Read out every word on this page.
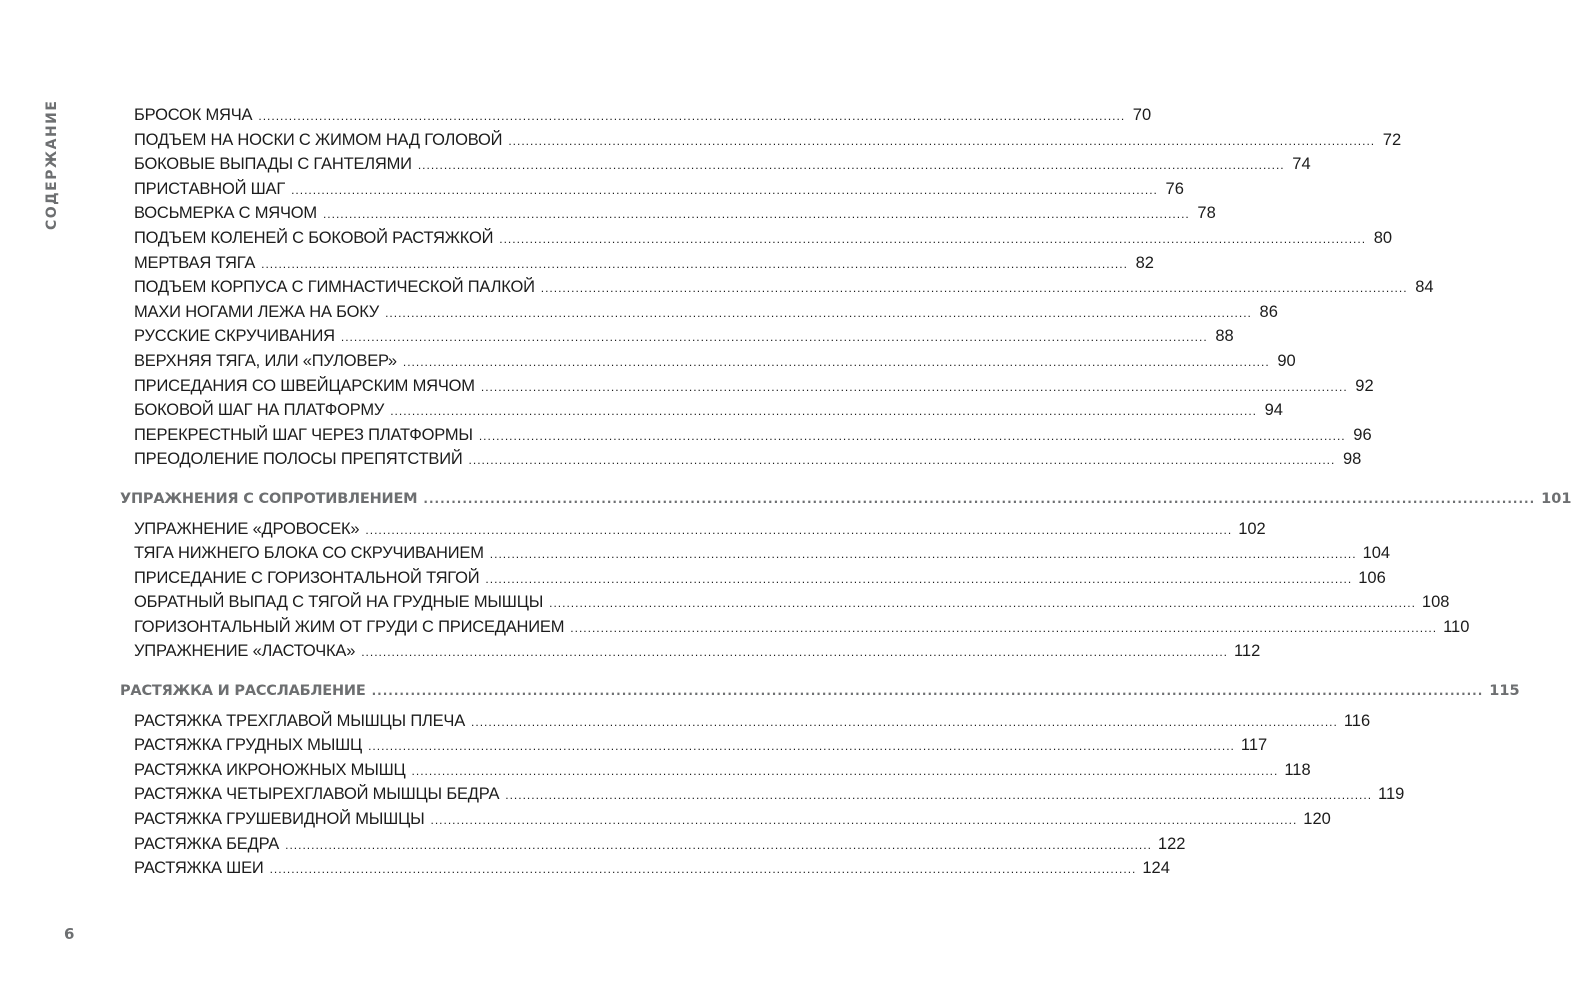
СОДЕРЖАНИЕ	БРОСОК МЯЧА ........................................................................................................................................................................................................ 70
ПОДЪЕМ НА НОСКИ С ЖИМОМ НАД ГОЛОВОЙ ........................................................................................................................................................................................................ 72
БОКОВЫЕ ВЫПАДЫ С ГАНТЕЛЯМИ ........................................................................................................................................................................................................ 74
ПРИСТАВНОЙ ШАГ ........................................................................................................................................................................................................ 76
ВОСЬМЕРКА С МЯЧОМ ........................................................................................................................................................................................................ 78
ПОДЪЕМ КОЛЕНЕЙ С БОКОВОЙ РАСТЯЖКОЙ ........................................................................................................................................................................................................ 80
МЕРТВАЯ ТЯГА ........................................................................................................................................................................................................ 82
ПОДЪЕМ КОРПУСА С ГИМНАСТИЧЕСКОЙ ПАЛКОЙ ........................................................................................................................................................................................................ 84
МАХИ НОГАМИ ЛЕЖА НА БОКУ ........................................................................................................................................................................................................ 86
РУССКИЕ СКРУЧИВАНИЯ ........................................................................................................................................................................................................ 88
ВЕРХНЯЯ ТЯГА, ИЛИ «ПУЛОВЕР» ........................................................................................................................................................................................................ 90
ПРИСЕДАНИЯ СО ШВЕЙЦАРСКИМ МЯЧОМ ........................................................................................................................................................................................................ 92
БОКОВОЙ ШАГ НА ПЛАТФОРМУ ........................................................................................................................................................................................................ 94
ПЕРЕКРЕСТНЫЙ ШАГ ЧЕРЕЗ ПЛАТФОРМЫ ........................................................................................................................................................................................................ 96
ПРЕОДОЛЕНИЕ ПОЛОСЫ ПРЕПЯТСТВИЙ ........................................................................................................................................................................................................ 98
УПРАЖНЕНИЯ С СОПРОТИВЛЕНИЕМ ........................................................................................................................................................................................................ 101
УПРАЖНЕНИЕ «ДРОВОСЕК» ........................................................................................................................................................................................................ 102
ТЯГА НИЖНЕГО БЛОКА СО СКРУЧИВАНИЕМ ........................................................................................................................................................................................................ 104
ПРИСЕДАНИЕ С ГОРИЗОНТАЛЬНОЙ ТЯГОЙ ........................................................................................................................................................................................................ 106
ОБРАТНЫЙ ВЫПАД С ТЯГОЙ НА ГРУДНЫЕ МЫШЦЫ ........................................................................................................................................................................................................ 108
ГОРИЗОНТАЛЬНЫЙ ЖИМ ОТ ГРУДИ С ПРИСЕДАНИЕМ ........................................................................................................................................................................................................ 110
УПРАЖНЕНИЕ «ЛАСТОЧКА» ........................................................................................................................................................................................................ 112
РАСТЯЖКА И РАССЛАБЛЕНИЕ ........................................................................................................................................................................................................ 115
РАСТЯЖКА ТРЕХГЛАВОЙ МЫШЦЫ ПЛЕЧА ........................................................................................................................................................................................................ 116
РАСТЯЖКА ГРУДНЫХ МЫШЦ ........................................................................................................................................................................................................ 117
РАСТЯЖКА ИКРОНОЖНЫХ МЫШЦ ........................................................................................................................................................................................................ 118
РАСТЯЖКА ЧЕТЫРЕХГЛАВОЙ МЫШЦЫ БЕДРА ........................................................................................................................................................................................................ 119
РАСТЯЖКА ГРУШЕВИДНОЙ МЫШЦЫ ........................................................................................................................................................................................................ 120
РАСТЯЖКА БЕДРА ........................................................................................................................................................................................................ 122
РАСТЯЖКА ШЕИ ........................................................................................................................................................................................................ 124
6
